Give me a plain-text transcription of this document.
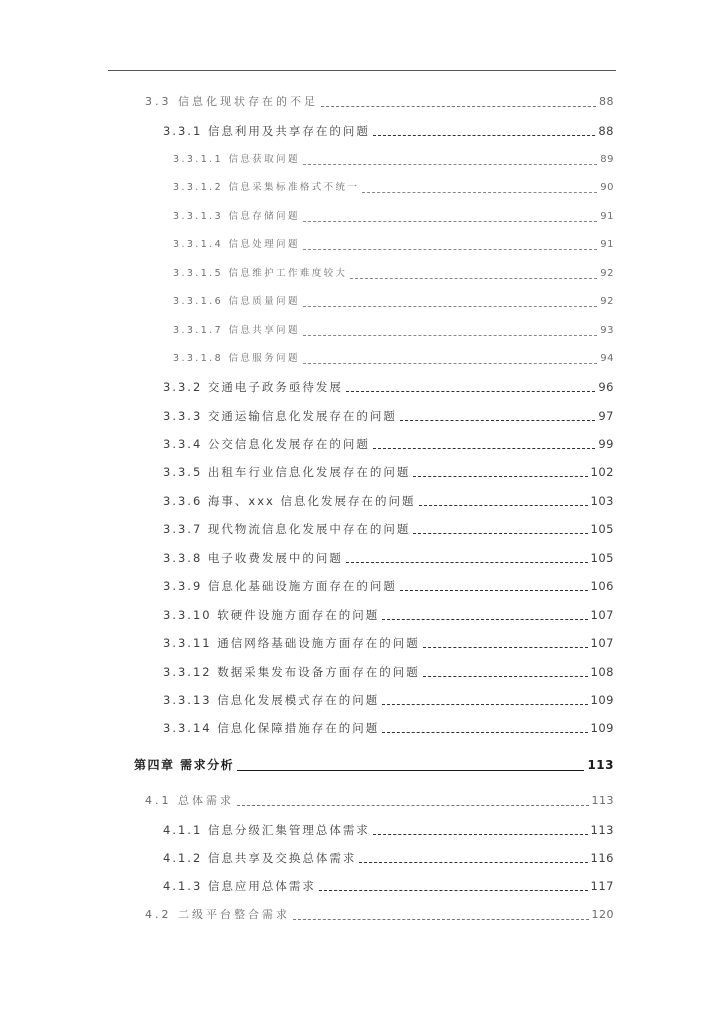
3.3 信息化现状存在的不足	88
3.3.1 信息利用及共享存在的问题	88
3.3.1.1 信息获取问题	89
3.3.1.2 信息采集标准格式不统一	90
3.3.1.3 信息存储问题	91
3.3.1.4 信息处理问题	91
3.3.1.5 信息维护工作难度较大	92
3.3.1.6 信息质量问题	92
3.3.1.7 信息共享问题	93
3.3.1.8 信息服务问题	94
3.3.2 交通电子政务亟待发展	96
3.3.3 交通运输信息化发展存在的问题	97
3.3.4 公交信息化发展存在的问题	99
3.3.5 出租车行业信息化发展存在的问题	102
3.3.6 海事、xxx 信息化发展存在的问题	103
3.3.7 现代物流信息化发展中存在的问题	105
3.3.8 电子收费发展中的问题	105
3.3.9 信息化基础设施方面存在的问题	106
3.3.10 软硬件设施方面存在的问题	107
3.3.11 通信网络基础设施方面存在的问题	107
3.3.12 数据采集发布设备方面存在的问题	108
3.3.13 信息化发展模式存在的问题	109
3.3.14 信息化保障措施存在的问题	109
第四章 需求分析	113
4.1 总体需求	113
4.1.1 信息分级汇集管理总体需求	113
4.1.2 信息共享及交换总体需求	116
4.1.3 信息应用总体需求	117
4.2 二级平台整合需求	120
